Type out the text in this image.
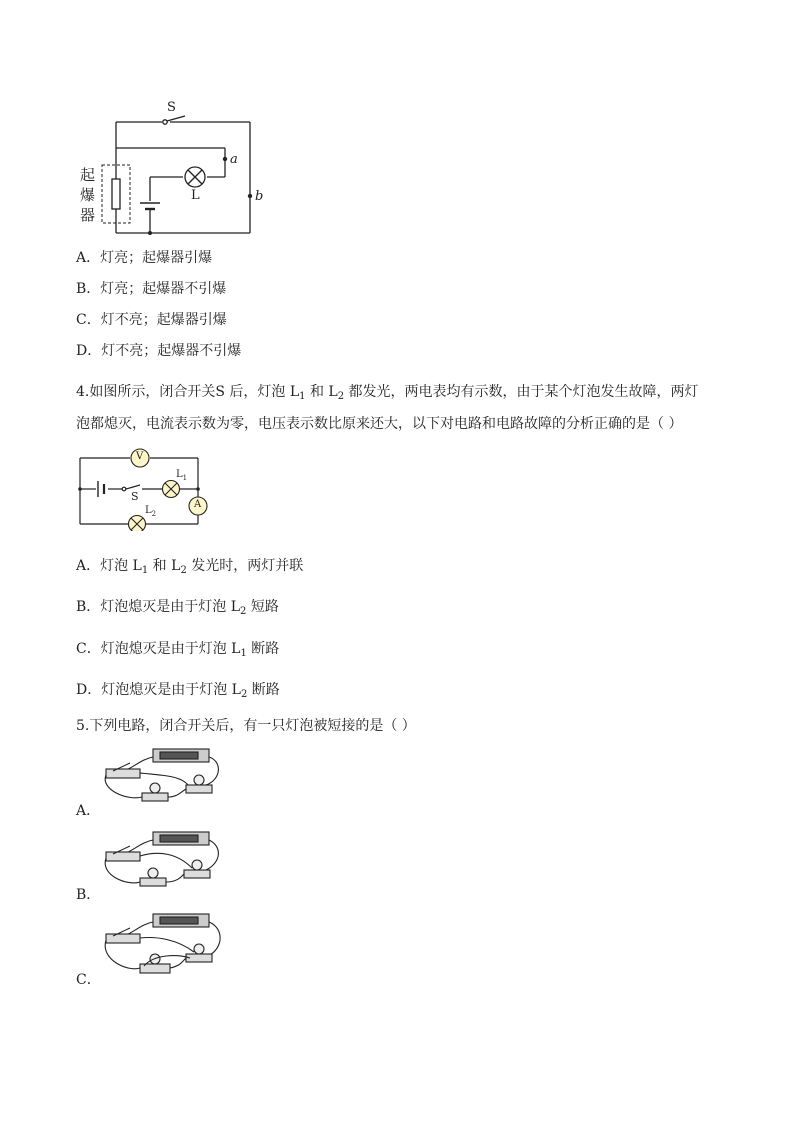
S
a
b
L
起爆器
A．灯亮；起爆器引爆
B．灯亮；起爆器不引爆
C．灯不亮；起爆器引爆
D．灯不亮；起爆器不引爆
4.如图所示，闭合开关S 后，灯泡 $L_1$ 和 $L_2$ 都发光，两电表均有示数，由于某个灯泡发生故障，两灯
泡都熄灭，电流表示数为零，电压表示数比原来还大，以下对电路和电路故障的分析正确的是（ ）
V
A
S
$L_1$
$L_2$
A．灯泡 $L_1$ 和 $L_2$ 发光时，两灯并联
B．灯泡熄灭是由于灯泡 $L_2$ 短路
C．灯泡熄灭是由于灯泡 $L_1$ 断路
D．灯泡熄灭是由于灯泡 $L_2$ 断路
5.下列电路，闭合开关后，有一只灯泡被短接的是（ ）
A．
B．
C．
